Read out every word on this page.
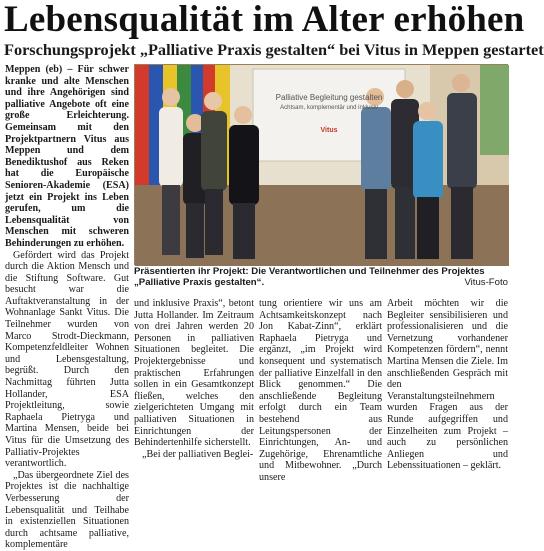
Lebensqualität im Alter erhöhen
Forschungsprojekt „Palliative Praxis gestalten“ bei Vitus in Meppen gestartet

Meppen (eb) – Für schwer kranke und alte Menschen und ihre Angehörigen sind palliative Angebote oft eine große Erleichterung. Gemeinsam mit den Projektpartnern Vitus aus Meppen und dem Benediktushof aus Reken hat die Europäische Senioren-Akademie (ESA) jetzt ein Projekt ins Leben gerufen, um die Lebensqualität von Menschen mit schweren Behinderungen zu erhöhen.

Gefördert wird das Projekt durch die Aktion Mensch und die Stiftung Software. Gut besucht war die Auftaktveranstaltung in der Wohnanlage Sankt Vitus. Die Teilnehmer wurden von Marco Strodt-Dieckmann, Kompetenzfeldleiter Wohnen und Lebensgestaltung, begrüßt. Durch den Nachmittag führten Jutta Hollander, ESA Projektleitung, sowie Raphaela Pietryga und Martina Mensen, beide bei Vitus für die Umsetzung des Palliativ-Projektes verantwortlich.

„Das übergeordnete Ziel des Projektes ist die nachhaltige Verbesserung der Lebensqualität und Teilhabe in existenziellen Situationen durch achtsame palliative, komplementäre

Palliative Begleitung gestalten
Achtsam, komplementär und inklusiv
Vitus
Präsentierten ihr Projekt: Die Verantwortlichen und Teilnehmer des Projektes „Palliative Praxis gestalten“.	Vitus-Foto

und inklusive Praxis“, betont Jutta Hollander. Im Zeitraum von drei Jahren werden 20 Personen in palliativen Situationen begleitet. Die Projektergebnisse und praktischen Erfahrungen sollen in ein Gesamtkonzept fließen, welches den zielgerichteten Umgang mit palliativen Situationen in Einrichtungen der Behindertenhilfe sicherstellt.

„Bei der palliativen Beglei-

tung orientiere wir uns am Achtsamkeitskonzept nach Jon Kabat-Zinn“, erklärt Raphaela Pietryga und ergänzt, „im Projekt wird konsequent und systematisch der palliative Einzelfall in den Blick genommen.“ Die anschließende Begleitung erfolgt durch ein Team bestehend aus Leitungspersonen der Einrichtungen, An- und Zugehörige, Ehrenamtliche und Mitbewohner. „Durch unsere

Arbeit möchten wir die Begleiter sensibilisieren und professionalisieren und die Vernetzung vorhandener Kompetenzen fördern“, nennt Martina Mensen die Ziele. Im anschließenden Gespräch mit den Veranstaltungsteilnehmern wurden Fragen aus der Runde aufgegriffen und Einzelheiten zum Projekt – auch zu persönlichen Anliegen und Lebenssituationen – geklärt.
